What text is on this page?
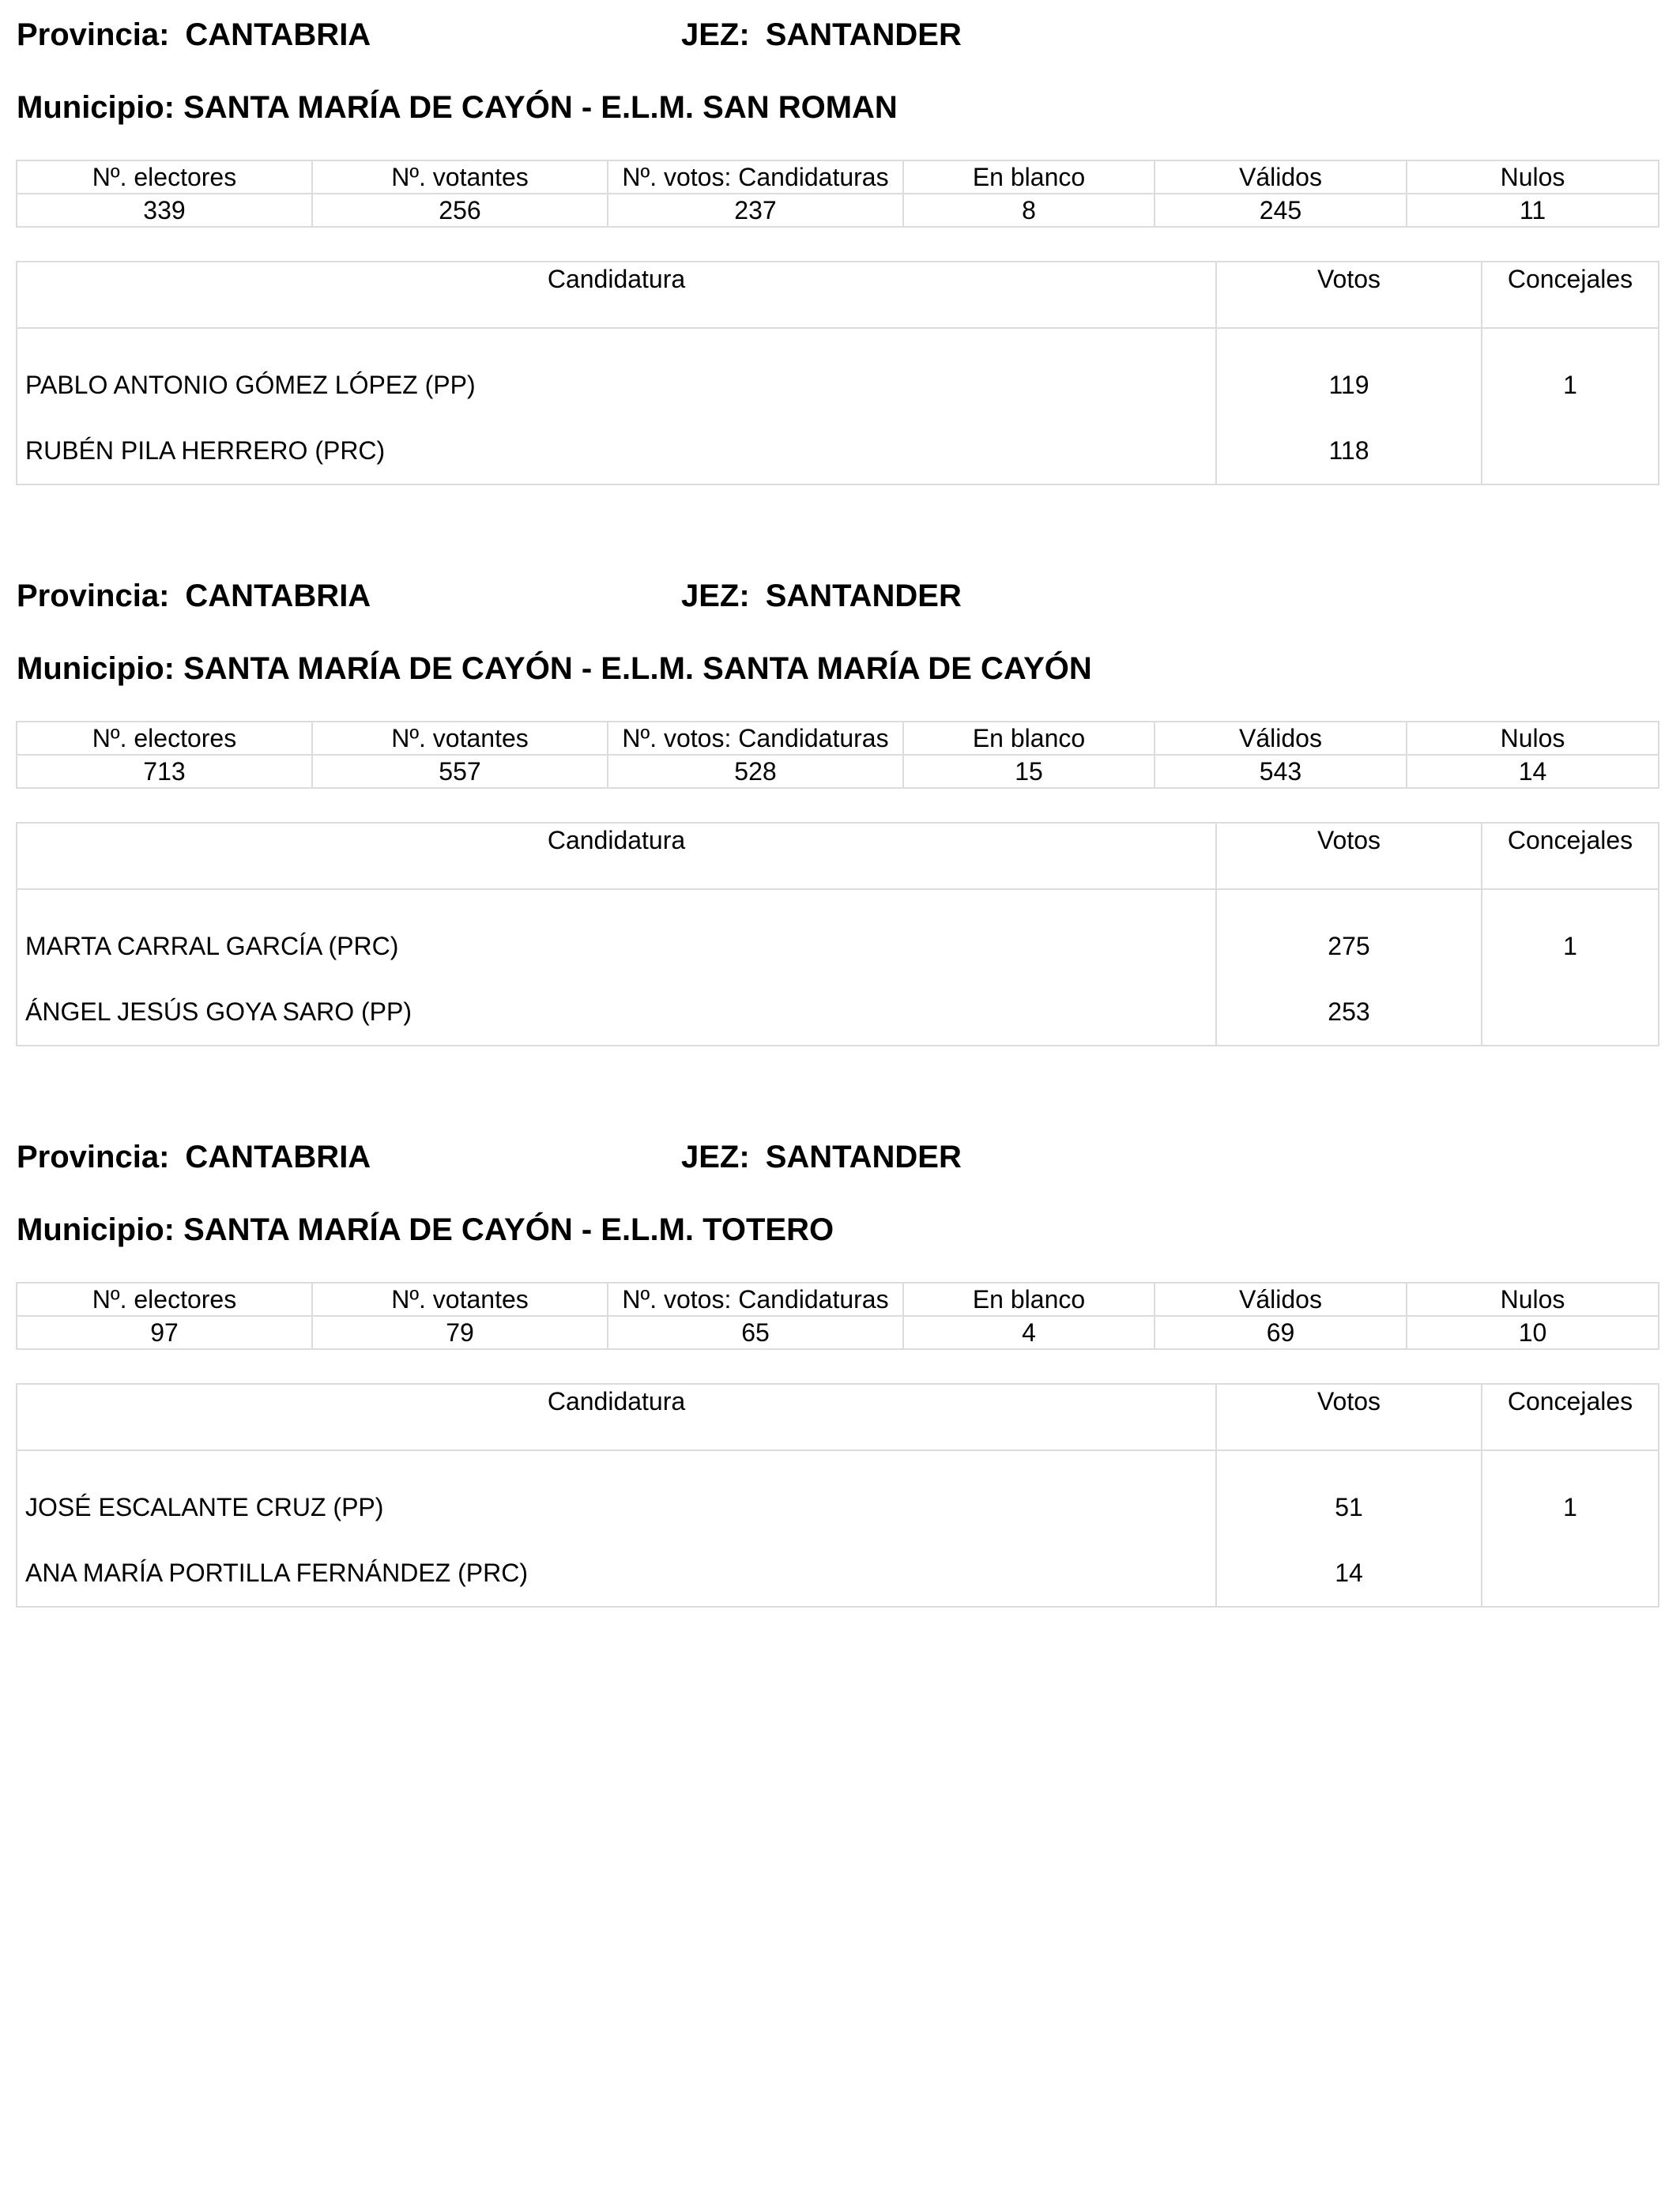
Provincia: CANTABRIA	JEZ: SANTANDER
Municipio: SANTA MARÍA DE CAYÓN - E.L.M. SAN ROMAN
Nº. electores	Nº. votantes	Nº. votos: Candidaturas	En blanco	Válidos	Nulos
339	256	237	8	245	11
Candidatura	Votos	Concejales
PABLO ANTONIO GÓMEZ LÓPEZ (PP)	119	1
RUBÉN PILA HERRERO (PRC)	118	
Provincia: CANTABRIA	JEZ: SANTANDER
Municipio: SANTA MARÍA DE CAYÓN - E.L.M. SANTA MARÍA DE CAYÓN
Nº. electores	Nº. votantes	Nº. votos: Candidaturas	En blanco	Válidos	Nulos
713	557	528	15	543	14
Candidatura	Votos	Concejales
MARTA CARRAL GARCÍA (PRC)	275	1
ÁNGEL JESÚS GOYA SARO (PP)	253	
Provincia: CANTABRIA	JEZ: SANTANDER
Municipio: SANTA MARÍA DE CAYÓN - E.L.M. TOTERO
Nº. electores	Nº. votantes	Nº. votos: Candidaturas	En blanco	Válidos	Nulos
97	79	65	4	69	10
Candidatura	Votos	Concejales
JOSÉ ESCALANTE CRUZ (PP)	51	1
ANA MARÍA PORTILLA FERNÁNDEZ (PRC)	14	
